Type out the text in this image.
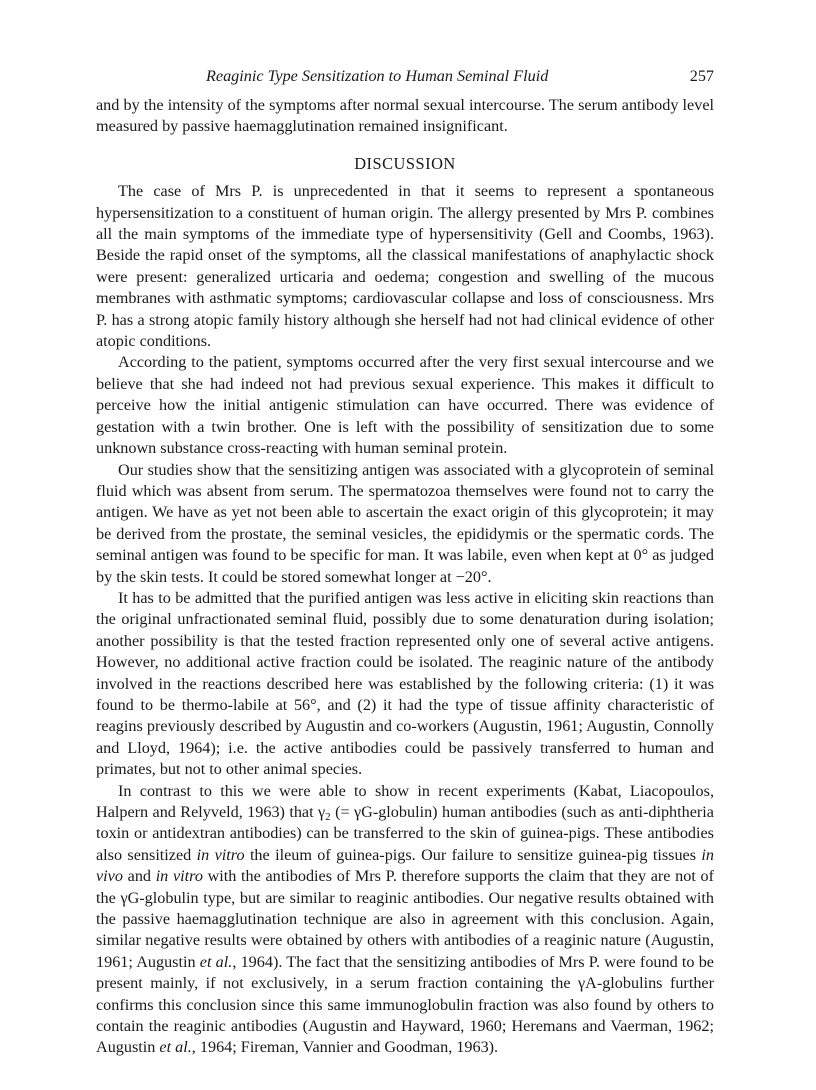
Reaginic Type Sensitization to Human Seminal Fluid	257

and by the intensity of the symptoms after normal sexual intercourse. The serum antibody level measured by passive haemagglutination remained insignificant.

DISCUSSION

The case of Mrs P. is unprecedented in that it seems to represent a spontaneous hypersensitization to a constituent of human origin. The allergy presented by Mrs P. combines all the main symptoms of the immediate type of hypersensitivity (Gell and Coombs, 1963). Beside the rapid onset of the symptoms, all the classical manifestations of anaphylactic shock were present: generalized urticaria and oedema; congestion and swelling of the mucous membranes with asthmatic symptoms; cardiovascular collapse and loss of consciousness. Mrs P. has a strong atopic family history although she herself had not had clinical evidence of other atopic conditions.

According to the patient, symptoms occurred after the very first sexual intercourse and we believe that she had indeed not had previous sexual experience. This makes it difficult to perceive how the initial antigenic stimulation can have occurred. There was evidence of gestation with a twin brother. One is left with the possibility of sensitization due to some unknown substance cross-reacting with human seminal protein.

Our studies show that the sensitizing antigen was associated with a glycoprotein of seminal fluid which was absent from serum. The spermatozoa themselves were found not to carry the antigen. We have as yet not been able to ascertain the exact origin of this glycoprotein; it may be derived from the prostate, the seminal vesicles, the epididymis or the spermatic cords. The seminal antigen was found to be specific for man. It was labile, even when kept at 0° as judged by the skin tests. It could be stored somewhat longer at −20°.

It has to be admitted that the purified antigen was less active in eliciting skin reactions than the original unfractionated seminal fluid, possibly due to some denaturation during isolation; another possibility is that the tested fraction represented only one of several active antigens. However, no additional active fraction could be isolated. The reaginic nature of the antibody involved in the reactions described here was established by the following criteria: (1) it was found to be thermo-labile at 56°, and (2) it had the type of tissue affinity characteristic of reagins previously described by Augustin and co-workers (Augustin, 1961; Augustin, Connolly and Lloyd, 1964); i.e. the active antibodies could be passively transferred to human and primates, but not to other animal species.

In contrast to this we were able to show in recent experiments (Kabat, Liacopoulos, Halpern and Relyveld, 1963) that $\gamma_2$ (= γG-globulin) human antibodies (such as anti-diphtheria toxin or antidextran antibodies) can be transferred to the skin of guinea-pigs. These antibodies also sensitized in vitro the ileum of guinea-pigs. Our failure to sensitize guinea-pig tissues in vivo and in vitro with the antibodies of Mrs P. therefore supports the claim that they are not of the γG-globulin type, but are similar to reaginic antibodies. Our negative results obtained with the passive haemagglutination technique are also in agreement with this conclusion. Again, similar negative results were obtained by others with antibodies of a reaginic nature (Augustin, 1961; Augustin et al., 1964). The fact that the sensitizing antibodies of Mrs P. were found to be present mainly, if not exclusively, in a serum fraction containing the γA-globulins further confirms this conclusion since this same immunoglobulin fraction was also found by others to contain the reaginic antibodies (Augustin and Hayward, 1960; Heremans and Vaerman, 1962; Augustin et al., 1964; Fireman, Vannier and Goodman, 1963).
